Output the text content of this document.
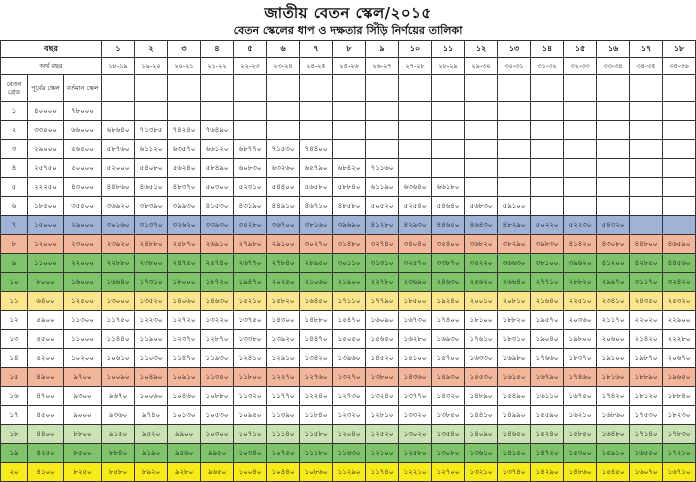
জাতীয় বেতন স্কেল/২০১৫
বেতন স্কেলের ধাপ ও দক্ষতার সিঁড়ি নির্ণয়ের তালিকা
বছর			১	২	৩	৪	৫	৬	৭	৮	৯	১০	১১	১২	১৩	১৪	১৫	১৬	১৭	১৮
অর্থ বছর			১৮-১৯	১৯-২০	২০-২১	২১-২২	২২-২৩	২৩-২৪	২৪-২৫	২৫-২৬	২৬-২৭	২৭-২৮	২৮-২৯	২৯-৩০	৩০-৩১	৩১-৩২	৩২-৩৩	৩৩-৩৪	৩৪-৩৫	৩৫-৩৬
বেতন গ্রেড	পূর্বের স্কেল	বর্তমান স্কেল																		
১	৪০০০০	৭৮০০০																		
২	৩৩৫০০	৬৬০০০	৬৮৬৪০	৭১৩৮৫	৭৪২৪০	৭৬৪৯০														
৩	২৯০০০	৫৬৫০০	৫৮৭৬০	৬১১২০	৬৩৫৭০	৬৬১২০	৬৮৭৭০	৭১৫৩০	৭৪৪০০											
৪	২৫৭৫০	৫০০০০	৫২০০০	৫৪০৮০	৫৬২৪০	৫৮৪৯০	৬০৮৩০	৬৩২৬০	৬৫৭৯০	৬৮৪২০	৭১১৬০									
৫	২২২৫০	৪৩০০০	৪৪৮৬০	৪৬৫১০	৪৮৩৭০	৫০৩০০	৫২৩১০	৫৪৪০০	৫৬৫৮০	৫৮৮৪০	৬১১৯০	৬৩৬৪০	৬৬১৮০							
৬	১৮৫০০	৩৫৫০০	৩৬৯২০	৩৮৩৯০	৩৯৯৩০	৪১৫৩০	৪৩১৯০	৪৪৯১০	৪৬৭১০	৪৮৫৮০	৫০৫২০	৫২৫৪০	৫৪৬৪০	৫৬৮৩০	৫৯১০০					
৭	১৫০০০	২৯০০০	৩০১৬০	৩১৩৭০	৩২৬২০	৩৩৯৩০	৩৫২৮০	৩৬৭০০	৩৮১৬০	৩৯৬৯০	৪১২৮০	৪২৯৩০	৪৪৬৫০	৪৬৪৩০	৪৮২৯০	৫০২২০	৫২২৩০	৫৪৩২০		
৮	১২০০০	২৩০০০	২৩৯২০	২৪৮৮০	২৫৮৭০	২৬৯১০	২৭৯৮০	২৯১০০	৩০২৭০	৩১৪৮০	৩২৭৪০	৩৪০৪০	৩৫৪০০	৩৬৮২০	৩৮২৯০	৩৯৮৩০	৪১৪২০	৪৩০৮০	৪৪৮০০	৪৬৫৯০
৯	১১০০০	২২০০০	২২৮৮০	২৩৮০০	২৪৭৫০	২৫৭৪০	২৬৭৭০	২৭৮৪০	২৮৯৫০	৩০১১০	৩১৩১০	৩২৫৭০	৩৩৮৭০	৩৫২২০	৩৬৬৩০	৩৮১০০	৩৯৬২০	৪১২০০	৪২৮৫০	৪৪৫৬০
১০	৮০০০	১৬০০০	১৬৬৪০	১৭৩১০	১৮০০০	১৮৭২০	১৯৪৭০	২০২৫০	২১০৬০	২১৯০০	২২৭৮০	২৩৬৯০	২৪৬৩০	২৫৬২০	২৬৬৪০	২৭৭১০	২৮৮২০	২৯৯৭০	৩১১৭০	৩২৪২০
১১	৬৪০০	১২৫০০	১৩০০০	১৩৫২০	১৪০৬০	১৪৬৩০	১৫২১০	১৫৮২০	১৬৪৫০	১৭১১০	১৭৭৯০	১৮৫০০	১৯২৪০	২০০১০	২০৮১০	২১৬৪০	২২৫১০	২৩৪১০	২৪৩৫০	২৫৩২০
১২	৫৯০০	১১৩০০	১১৭৫০	১২২৩০	১২৭২০	১৩২২০	১৩৭৫০	১৪৩০০	১৪৮৮০	১৫৪৭০	১৬০৯০	১৬৭৩০	১৭৪০০	১৮১০০	১৮৮২০	১৯৫৭০	২০৩৬০	২১১৭০	২২০২০	২২৯০০
১৩	৫৫০০	১১০০০	১১৪৪০	১১৯০০	১২৩৭০	১২৮৭০	১৩৩৮০	১৩৯২০	১৪৪৭০	১৫০৫০	১৫৬৫০	১৬২৮০	১৬৯৩০	১৭৬১০	১৮৩১০	১৯০৪০	১৯৮০০	২০৬০০	২১৪২০	২২২৮০
১৪	৫২০০	১০২০০	১০৬১০	১১০৩০	১১৪৭০	১১৯৩০	১২৪১০	১২৯১০	১৩৪২০	১৩৯৬০	১৪৫২০	১৫১০০	১৫৭০০	১৬৩৩০	১৬৯৮০	১৭৬৬০	১৮৩৭০	১৯১০০	১৯৮৭০	২০৬৭০
১৫	৪৯০০	৯৭০০	১০০৯০	১০৪৯০	১০৯১০	১১৩৫০	১১৮০০	১২২৭০	১২৭৬০	১৩২৭০	১৩৮০০	১৪৩৬০	১৪৯৩০	১৫৫৩০	১৬১৫০	১৬৭৯০	১৭৪৬০	১৮১৬০	১৮৮৯০	১৯৬৫০
১৬	৪৭০০	৯৩০০	৯৬৭০	১০০৬০	১০৪৬০	১০৮৮০	১১৩২০	১১৭৭০	১২২৪০	১২৭৩০	১৩২৪০	১৩৭৭০	১৪৩২০	১৪৮৯০	১৫৪৯০	১৬১১০	১৬৭৫০	১৭৪২০	১৮১২০	১৮৮৪০
১৭	৪৫০০	৯০০০	৯৩৬০	৯৭৪০	১০১৩০	১০৫৩০	১০৯৫০	১১৩৯০	১১৮৪০	১২৩২০	১২৮১০	১৩৩২০	১৩৮৫০	১৪৪১০	১৪৯৯০	১৫৫৯০	১৬২১০	১৬৮৬০	১৭৫৩০	১৮২৩০
১৮	৪৪০০	৮৮০০	৯১৫০	৯৫২০	৯৯০০	১০৩০০	১০৭১০	১১১৪০	১১৫৮০	১২০৪০	১২৫২০	১৩০২০	১৩৫৪০	১৪০৯০	১৪৬৫০	১৫২৪০	১৫৮৫০	১৬৪৮০	১৭১৪০	১৭৮৩০
১৯	৪২৫০	৮৫০০	৮৮৪০	৯১৯০	৯৫৬০	৯৯৫০	১০৩৪০	১০৭৫০	১১১৮০	১১৬৩০	১২১০০	১২৫৮০	১৩০৮০	১৩৬১০	১৪১৫০	১৪৭২০	১৫৩০০	১৫৯১০	১৬৫৫০	১৭২১০
২০	৪১০০	৮২৫০	৮৫৮০	৮৯২০	৯২৮০	৯৬৫০	১০০৪০	১০৪৪০	১০৮৬০	১১২৯০	১১৭৪০	১২২১০	১২৭০০	১৩২১০	১৩৭৪০	১৪২৯০	১৪৮৬০	১৫৪৫০	১৬০৭০	১৬৭১০
